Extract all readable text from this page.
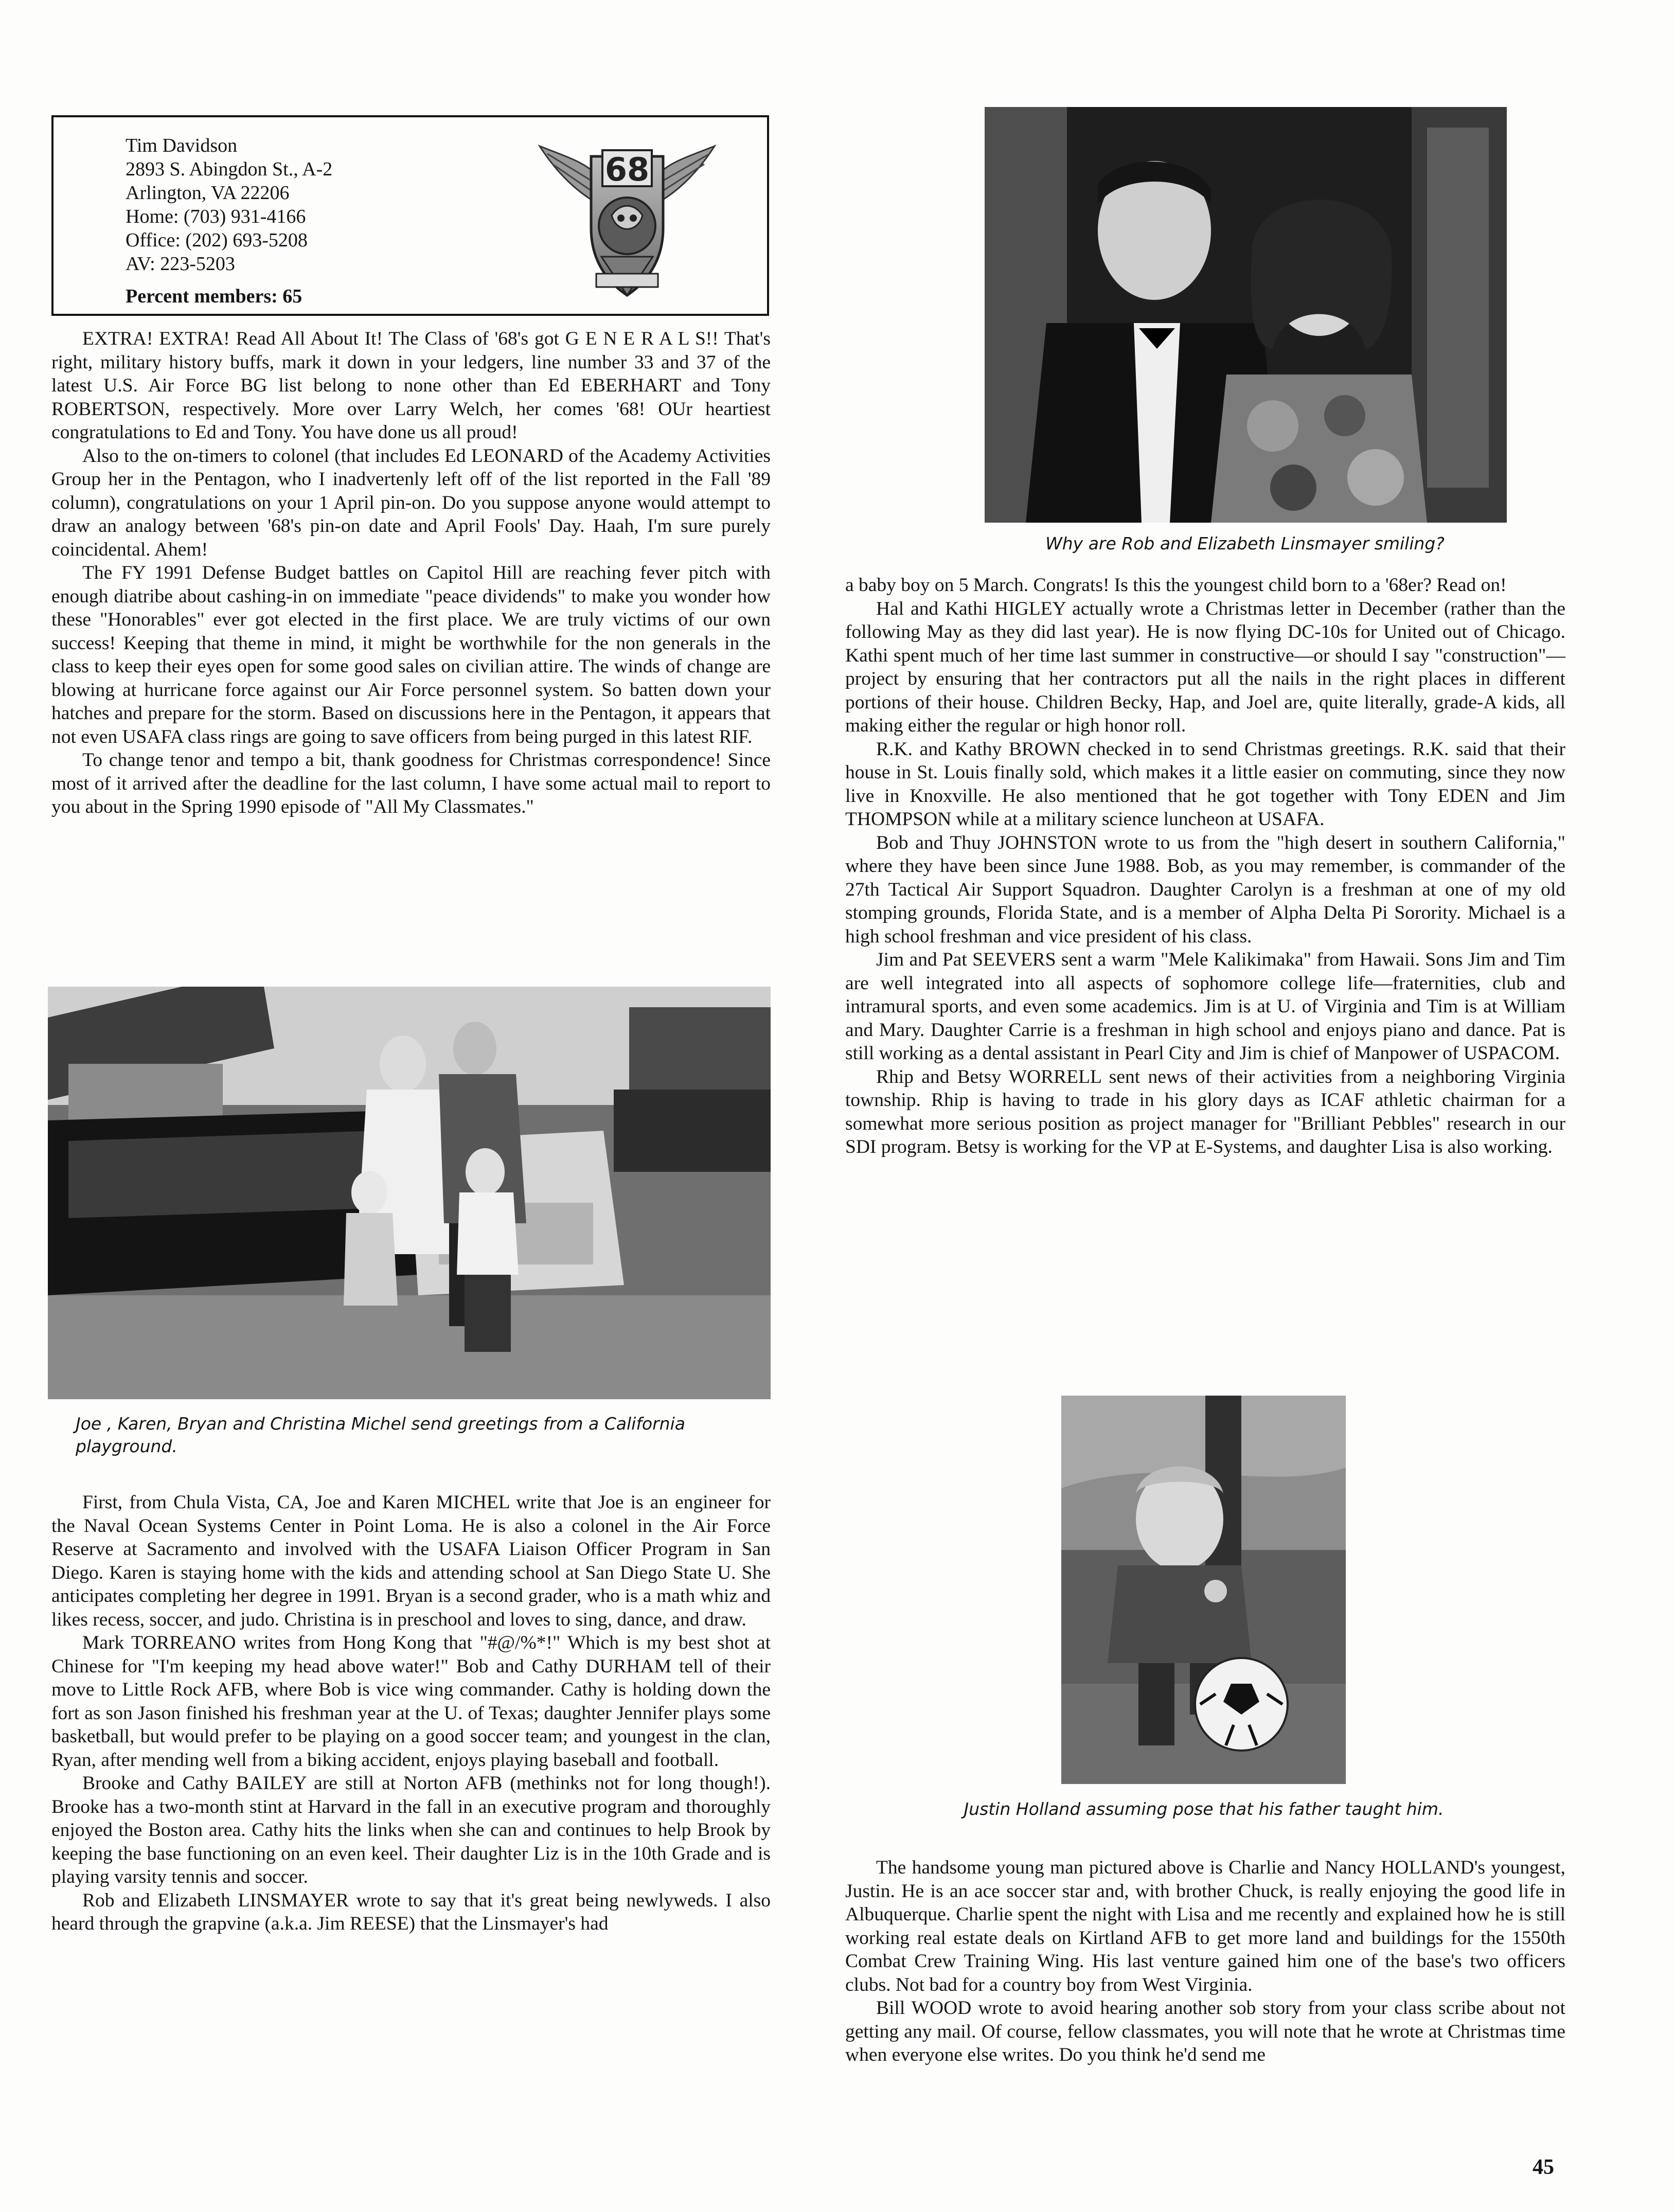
Tim Davidson
2893 S. Abingdon St., A-2
Arlington, VA 22206
Home: (703) 931-4166
Office: (202) 693-5208
AV: 223-5203
Percent members: 65
68

EXTRA! EXTRA! Read All About It! The Class of '68's got G E N E R A L S!! That's right, military history buffs, mark it down in your ledgers, line number 33 and 37 of the latest U.S. Air Force BG list belong to none other than Ed EBERHART and Tony ROBERTSON, respectively. More over Larry Welch, her comes '68! OUr heartiest congratulations to Ed and Tony. You have done us all proud!

Also to the on-timers to colonel (that includes Ed LEONARD of the Academy Activities Group her in the Pentagon, who I inadvertenly left off of the list reported in the Fall '89 column), congratulations on your 1 April pin-on. Do you suppose anyone would attempt to draw an analogy between '68's pin-on date and April Fools' Day. Haah, I'm sure purely coincidental. Ahem!

The FY 1991 Defense Budget battles on Capitol Hill are reaching fever pitch with enough diatribe about cashing-in on immediate "peace dividends" to make you wonder how these "Honorables" ever got elected in the first place. We are truly victims of our own success! Keeping that theme in mind, it might be worthwhile for the non generals in the class to keep their eyes open for some good sales on civilian attire. The winds of change are blowing at hurricane force against our Air Force personnel system. So batten down your hatches and prepare for the storm. Based on discussions here in the Pentagon, it appears that not even USAFA class rings are going to save officers from being purged in this latest RIF.

To change tenor and tempo a bit, thank goodness for Christmas correspondence! Since most of it arrived after the deadline for the last column, I have some actual mail to report to you about in the Spring 1990 episode of "All My Classmates."

Joe , Karen, Bryan and Christina Michel send greetings from a California playground.

First, from Chula Vista, CA, Joe and Karen MICHEL write that Joe is an engineer for the Naval Ocean Systems Center in Point Loma. He is also a colonel in the Air Force Reserve at Sacramento and involved with the USAFA Liaison Officer Program in San Diego. Karen is staying home with the kids and attending school at San Diego State U. She anticipates completing her degree in 1991. Bryan is a second grader, who is a math whiz and likes recess, soccer, and judo. Christina is in preschool and loves to sing, dance, and draw.

Mark TORREANO writes from Hong Kong that "#@/%*!" Which is my best shot at Chinese for "I'm keeping my head above water!" Bob and Cathy DURHAM tell of their move to Little Rock AFB, where Bob is vice wing commander. Cathy is holding down the fort as son Jason finished his freshman year at the U. of Texas; daughter Jennifer plays some basketball, but would prefer to be playing on a good soccer team; and youngest in the clan, Ryan, after mending well from a biking accident, enjoys playing baseball and football.

Brooke and Cathy BAILEY are still at Norton AFB (methinks not for long though!). Brooke has a two-month stint at Harvard in the fall in an executive program and thoroughly enjoyed the Boston area. Cathy hits the links when she can and continues to help Brook by keeping the base functioning on an even keel. Their daughter Liz is in the 10th Grade and is playing varsity tennis and soccer.

Rob and Elizabeth LINSMAYER wrote to say that it's great being newlyweds. I also heard through the grapvine (a.k.a. Jim REESE) that the Linsmayer's had

Why are Rob and Elizabeth Linsmayer smiling?

a baby boy on 5 March. Congrats! Is this the youngest child born to a '68er? Read on!

Hal and Kathi HIGLEY actually wrote a Christmas letter in December (rather than the following May as they did last year). He is now flying DC-10s for United out of Chicago. Kathi spent much of her time last summer in constructive—or should I say "construction"—project by ensuring that her contractors put all the nails in the right places in different portions of their house. Children Becky, Hap, and Joel are, quite literally, grade-A kids, all making either the regular or high honor roll.

R.K. and Kathy BROWN checked in to send Christmas greetings. R.K. said that their house in St. Louis finally sold, which makes it a little easier on commuting, since they now live in Knoxville. He also mentioned that he got together with Tony EDEN and Jim THOMPSON while at a military science luncheon at USAFA.

Bob and Thuy JOHNSTON wrote to us from the "high desert in southern California," where they have been since June 1988. Bob, as you may remember, is commander of the 27th Tactical Air Support Squadron. Daughter Carolyn is a freshman at one of my old stomping grounds, Florida State, and is a member of Alpha Delta Pi Sorority. Michael is a high school freshman and vice president of his class.

Jim and Pat SEEVERS sent a warm "Mele Kalikimaka" from Hawaii. Sons Jim and Tim are well integrated into all aspects of sophomore college life—fraternities, club and intramural sports, and even some academics. Jim is at U. of Virginia and Tim is at William and Mary. Daughter Carrie is a freshman in high school and enjoys piano and dance. Pat is still working as a dental assistant in Pearl City and Jim is chief of Manpower of USPACOM.

Rhip and Betsy WORRELL sent news of their activities from a neighboring Virginia township. Rhip is having to trade in his glory days as ICAF athletic chairman for a somewhat more serious position as project manager for "Brilliant Pebbles" research in our SDI program. Betsy is working for the VP at E-Systems, and daughter Lisa is also working.

Justin Holland assuming pose that his father taught him.

The handsome young man pictured above is Charlie and Nancy HOLLAND's youngest, Justin. He is an ace soccer star and, with brother Chuck, is really enjoying the good life in Albuquerque. Charlie spent the night with Lisa and me recently and explained how he is still working real estate deals on Kirtland AFB to get more land and buildings for the 1550th Combat Crew Training Wing. His last venture gained him one of the base's two officers clubs. Not bad for a country boy from West Virginia.

Bill WOOD wrote to avoid hearing another sob story from your class scribe about not getting any mail. Of course, fellow classmates, you will note that he wrote at Christmas time when everyone else writes. Do you think he'd send me

45
